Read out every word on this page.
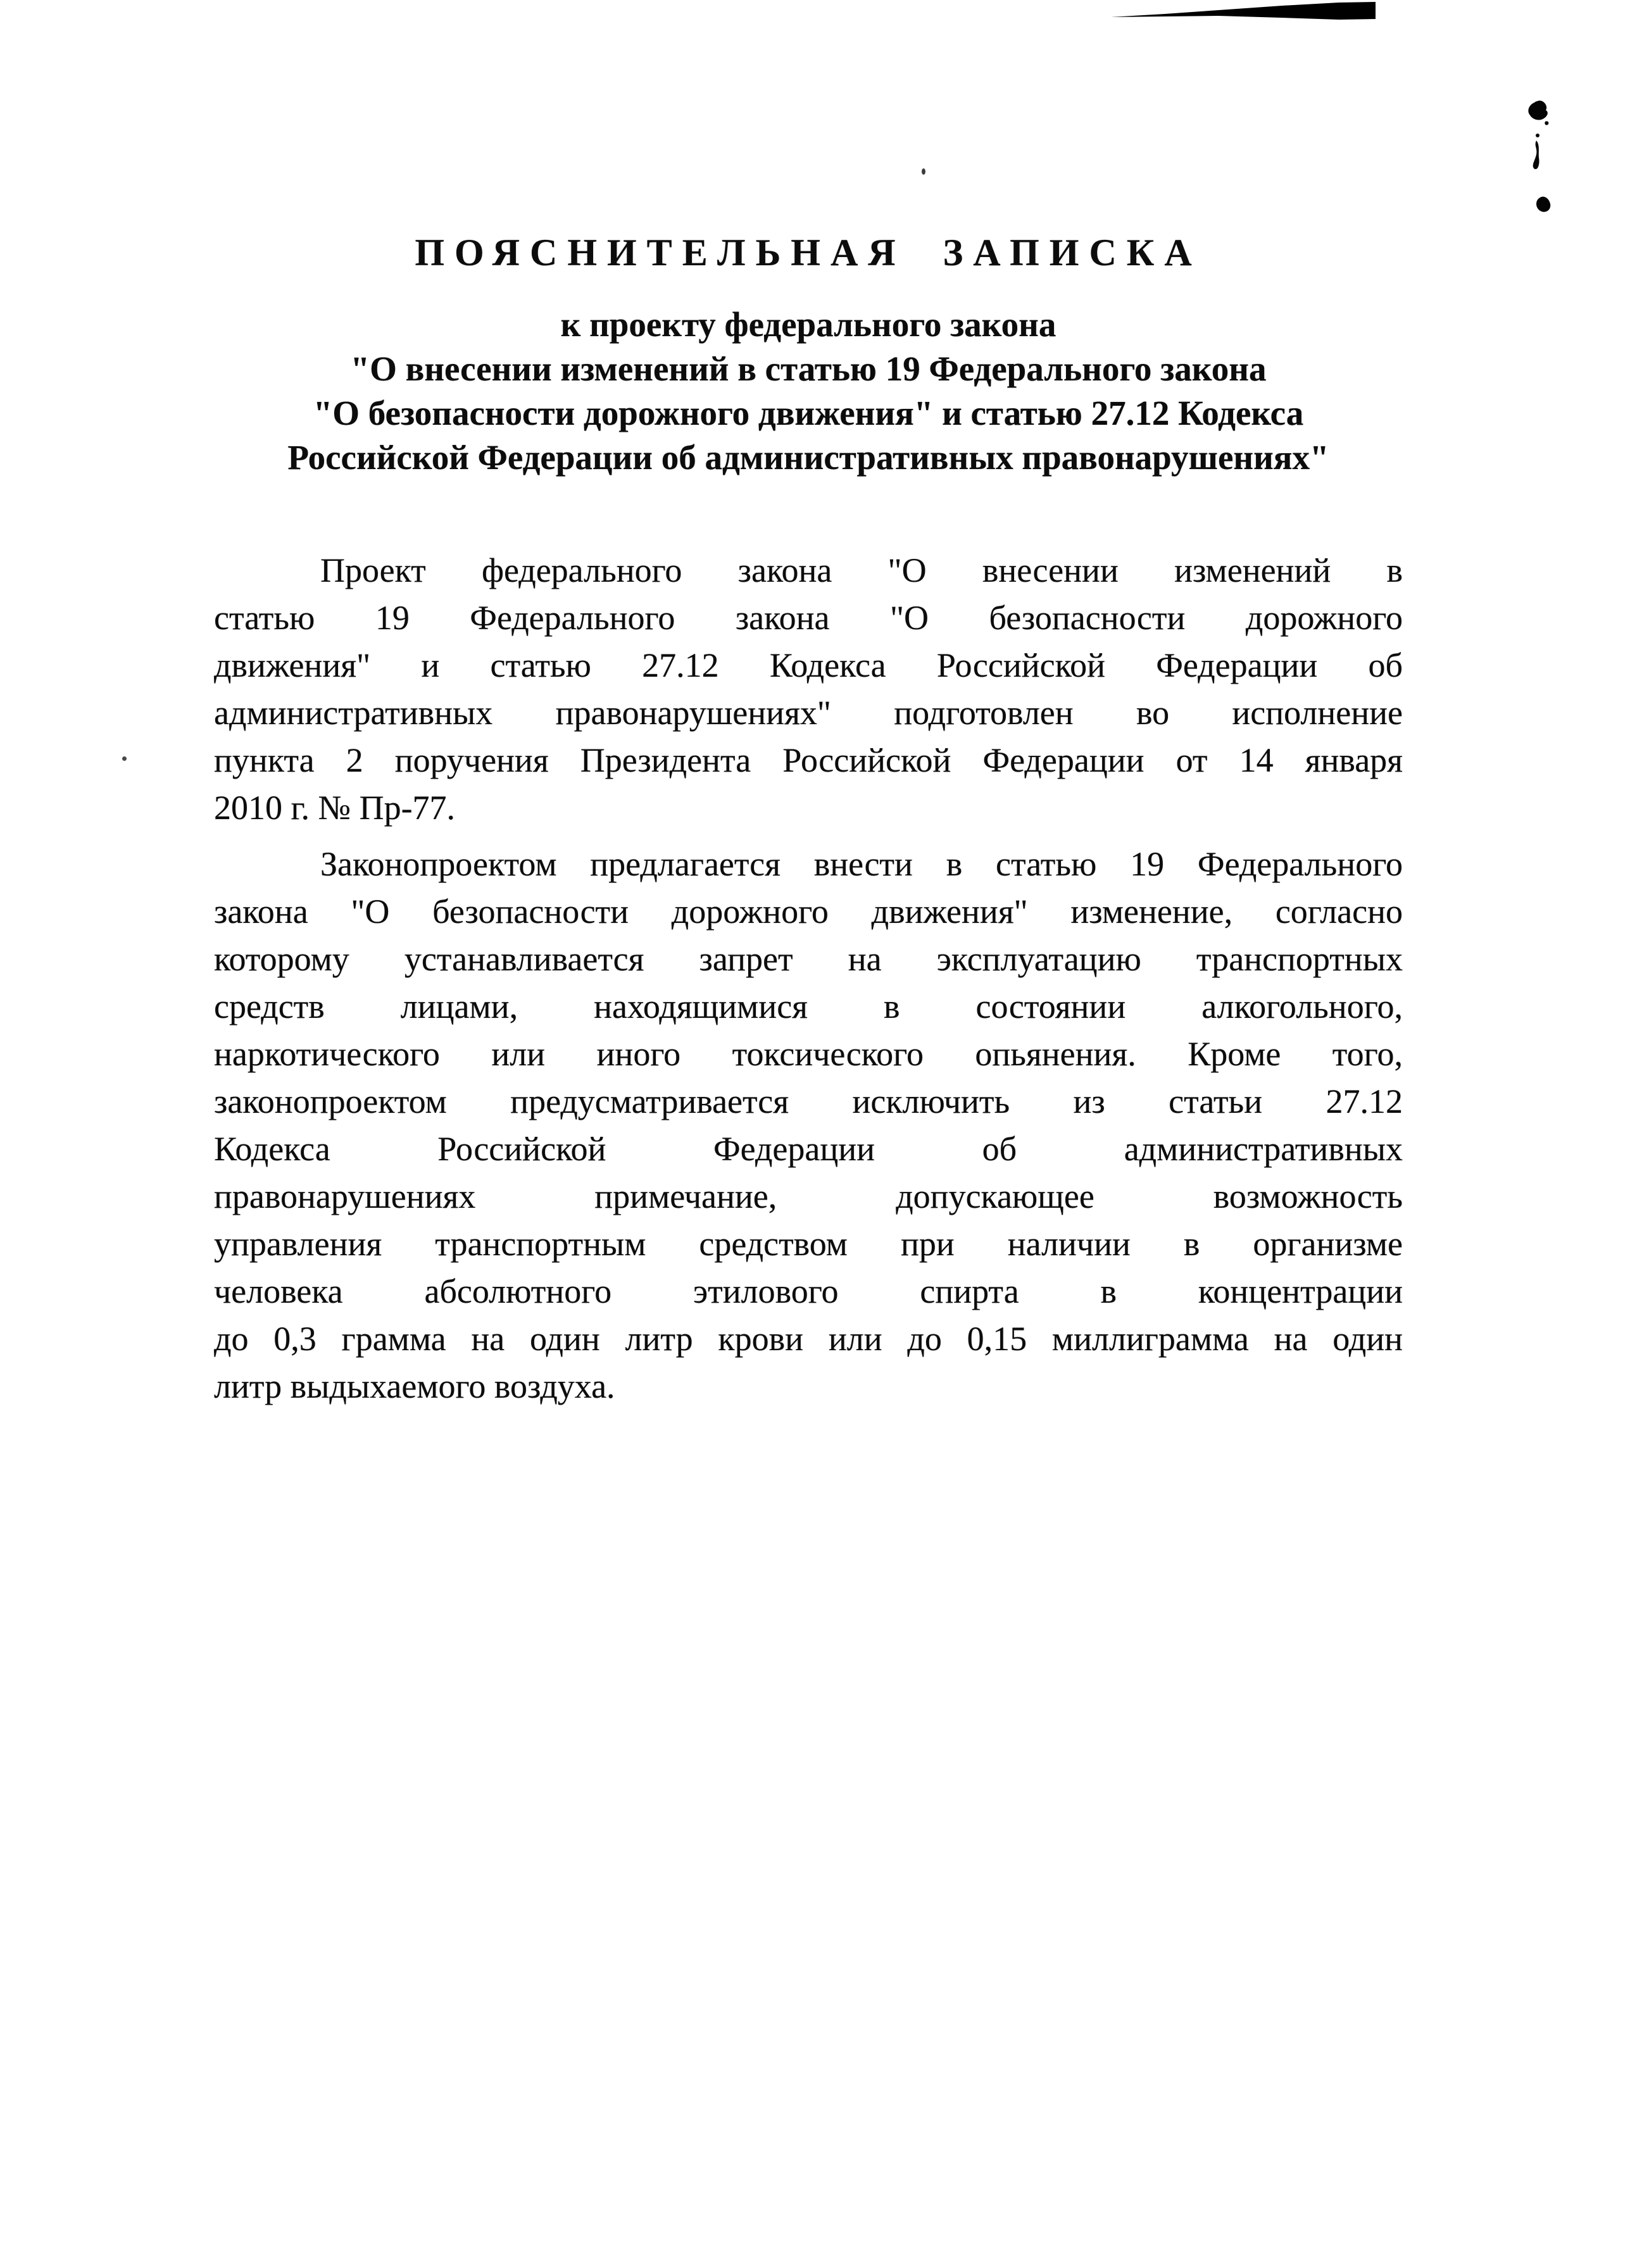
ПОЯСНИТЕЛЬНАЯ ЗАПИСКА
к проекту федерального закона
"О внесении изменений в статью 19 Федерального закона
"О безопасности дорожного движения" и статью 27.12 Кодекса
Российской Федерации об административных правонарушениях"
Проект федерального закона "О внесении изменений в
статью 19 Федерального закона "О безопасности дорожного
движения" и статью 27.12 Кодекса Российской Федерации об
административных правонарушениях" подготовлен во исполнение
пункта 2 поручения Президента Российской Федерации от 14 января
2010 г. № Пр-77.
Законопроектом предлагается внести в статью 19 Федерального
закона "О безопасности дорожного движения" изменение, согласно
которому устанавливается запрет на эксплуатацию транспортных
средств лицами, находящимися в состоянии алкогольного,
наркотического или иного токсического опьянения. Кроме того,
законопроектом предусматривается исключить из статьи 27.12
Кодекса Российской Федерации об административных
правонарушениях примечание, допускающее возможность
управления транспортным средством при наличии в организме
человека абсолютного этилового спирта в концентрации
до 0,3 грамма на один литр крови или до 0,15 миллиграмма на один
литр выдыхаемого воздуха.
